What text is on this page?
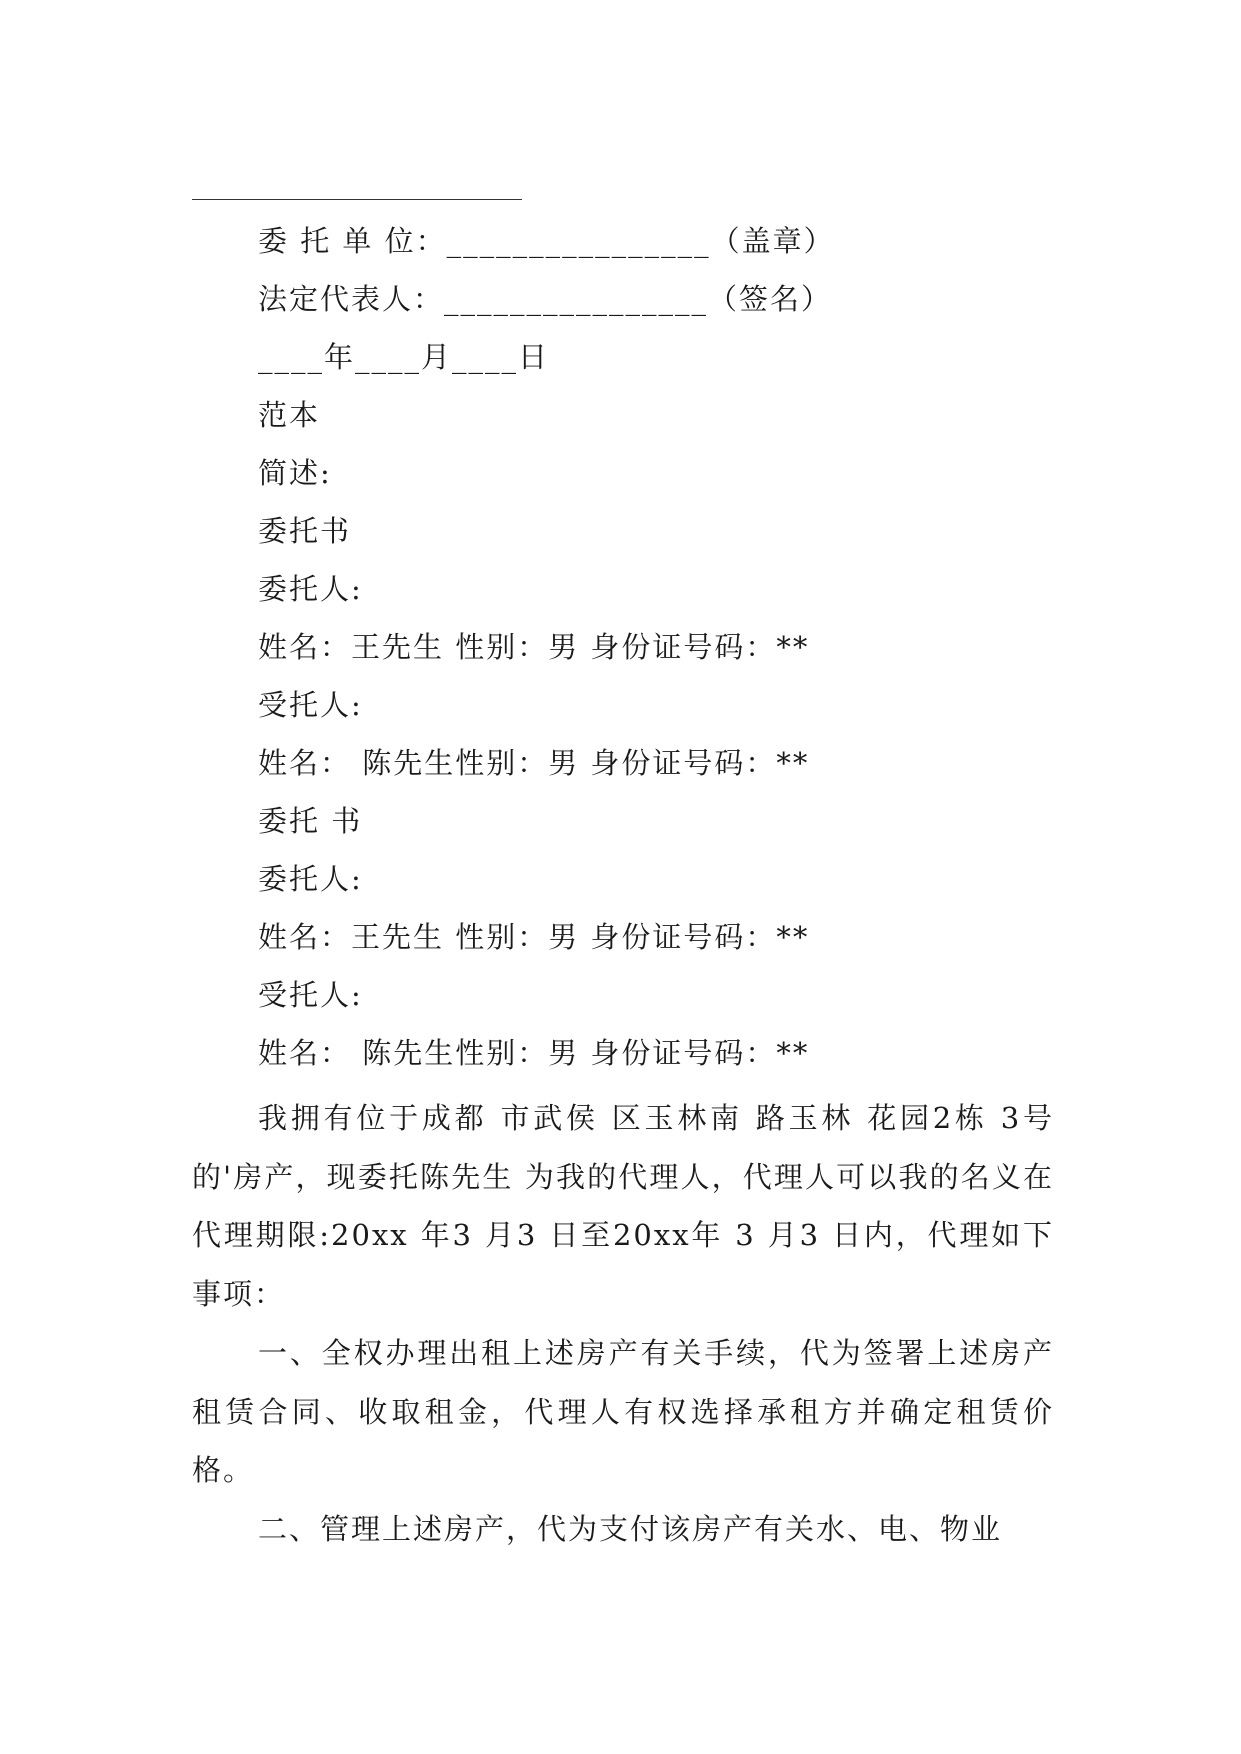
委 托 单 位：________________（盖章）
法定代表人：________________（签名）
____年____月____日
范本
简述:
委托书
委托人:
姓名：王先生 性别：男 身份证号码：**
受托人:
姓名： 陈先生性别：男 身份证号码：**
委托 书
委托人:
姓名：王先生 性别：男 身份证号码：**
受托人:
姓名： 陈先生性别：男 身份证号码：**
我拥有位于成都 市武侯 区玉林南 路玉林 花园2栋 3号的'房产，现委托陈先生 为我的代理人，代理人可以我的名义在代理期限:20xx 年3 月3 日至20xx年 3 月3 日内，代理如下事项：
一、全权办理出租上述房产有关手续，代为签署上述房产租赁合同、收取租金，代理人有权选择承租方并确定租赁价格。
二、管理上述房产，代为支付该房产有关水、电、物业
